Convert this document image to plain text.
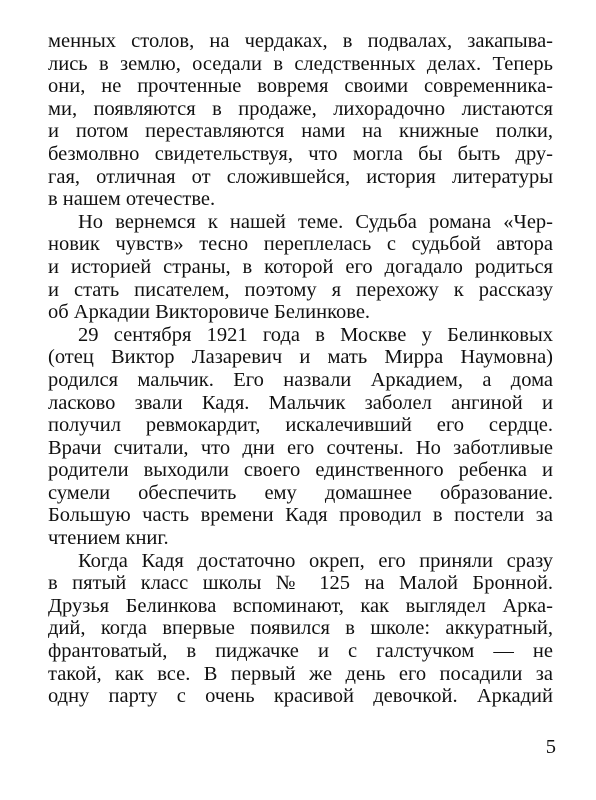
менных столов, на чердаках, в подвалах, закапыва-
лись в землю, оседали в следственных делах. Теперь
они, не прочтенные вовремя своими современника-
ми, появляются в продаже, лихорадочно листаются
и потом переставляются нами на книжные полки,
безмолвно свидетельствуя, что могла бы быть дру-
гая, отличная от сложившейся, история литературы
в нашем отечестве.
Но вернемся к нашей теме. Судьба романа «Чер-
новик чувств» тесно переплелась с судьбой автора
и историей страны, в которой его догадало родиться
и стать писателем, поэтому я перехожу к рассказу
об Аркадии Викторовиче Белинкове.
29 сентября 1921 года в Москве у Белинковых
(отец Виктор Лазаревич и мать Мирра Наумовна)
родился мальчик. Его назвали Аркадием, а дома
ласково звали Кадя. Мальчик заболел ангиной и
получил ревмокардит, искалечивший его сердце.
Врачи считали, что дни его сочтены. Но заботливые
родители выходили своего единственного ребенка и
сумели обеспечить ему домашнее образование.
Большую часть времени Кадя проводил в постели за
чтением книг.
Когда Кадя достаточно окреп, его приняли сразу
в пятый класс школы № 125 на Малой Бронной.
Друзья Белинкова вспоминают, как выглядел Арка-
дий, когда впервые появился в школе: аккуратный,
франтоватый, в пиджачке и с галстучком — не
такой, как все. В первый же день его посадили за
одну парту с очень красивой девочкой. Аркадий
5
